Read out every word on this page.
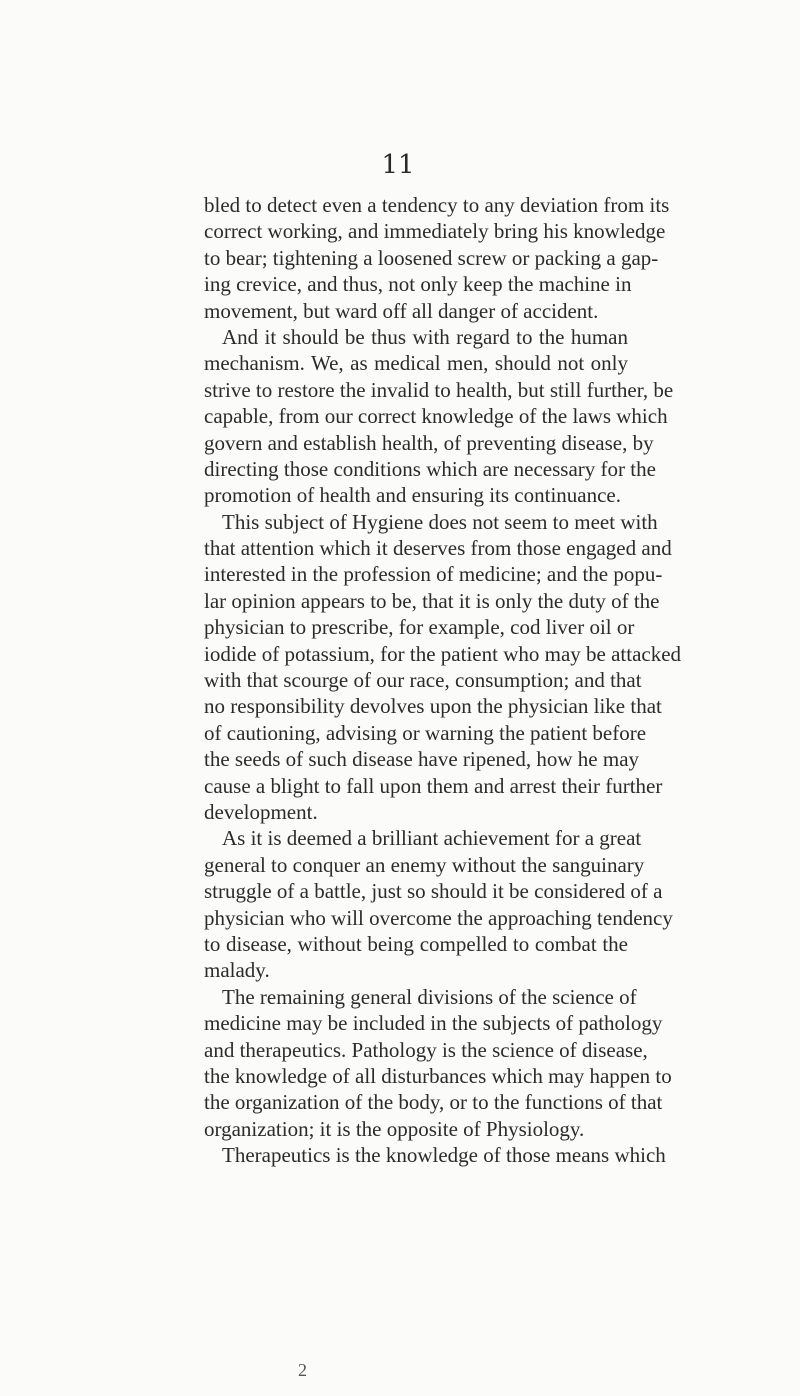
11
bled to detect even a tendency to any deviation from its
correct working, and immediately bring his knowledge
to bear; tightening a loosened screw or packing a gap-
ing crevice, and thus, not only keep the machine in
movement, but ward off all danger of accident.
And it should be thus with regard to the human
mechanism. We, as medical men, should not only
strive to restore the invalid to health, but still further, be
capable, from our correct knowledge of the laws which
govern and establish health, of preventing disease, by
directing those conditions which are necessary for the
promotion of health and ensuring its continuance.
This subject of Hygiene does not seem to meet with
that attention which it deserves from those engaged and
interested in the profession of medicine; and the popu-
lar opinion appears to be, that it is only the duty of the
physician to prescribe, for example, cod liver oil or
iodide of potassium, for the patient who may be attacked
with that scourge of our race, consumption; and that
no responsibility devolves upon the physician like that
of cautioning, advising or warning the patient before
the seeds of such disease have ripened, how he may
cause a blight to fall upon them and arrest their further
development.
As it is deemed a brilliant achievement for a great
general to conquer an enemy without the sanguinary
struggle of a battle, just so should it be considered of a
physician who will overcome the approaching tendency
to disease, without being compelled to combat the
malady.
The remaining general divisions of the science of
medicine may be included in the subjects of pathology
and therapeutics. Pathology is the science of disease,
the knowledge of all disturbances which may happen to
the organization of the body, or to the functions of that
organization; it is the opposite of Physiology.
Therapeutics is the knowledge of those means which
2
